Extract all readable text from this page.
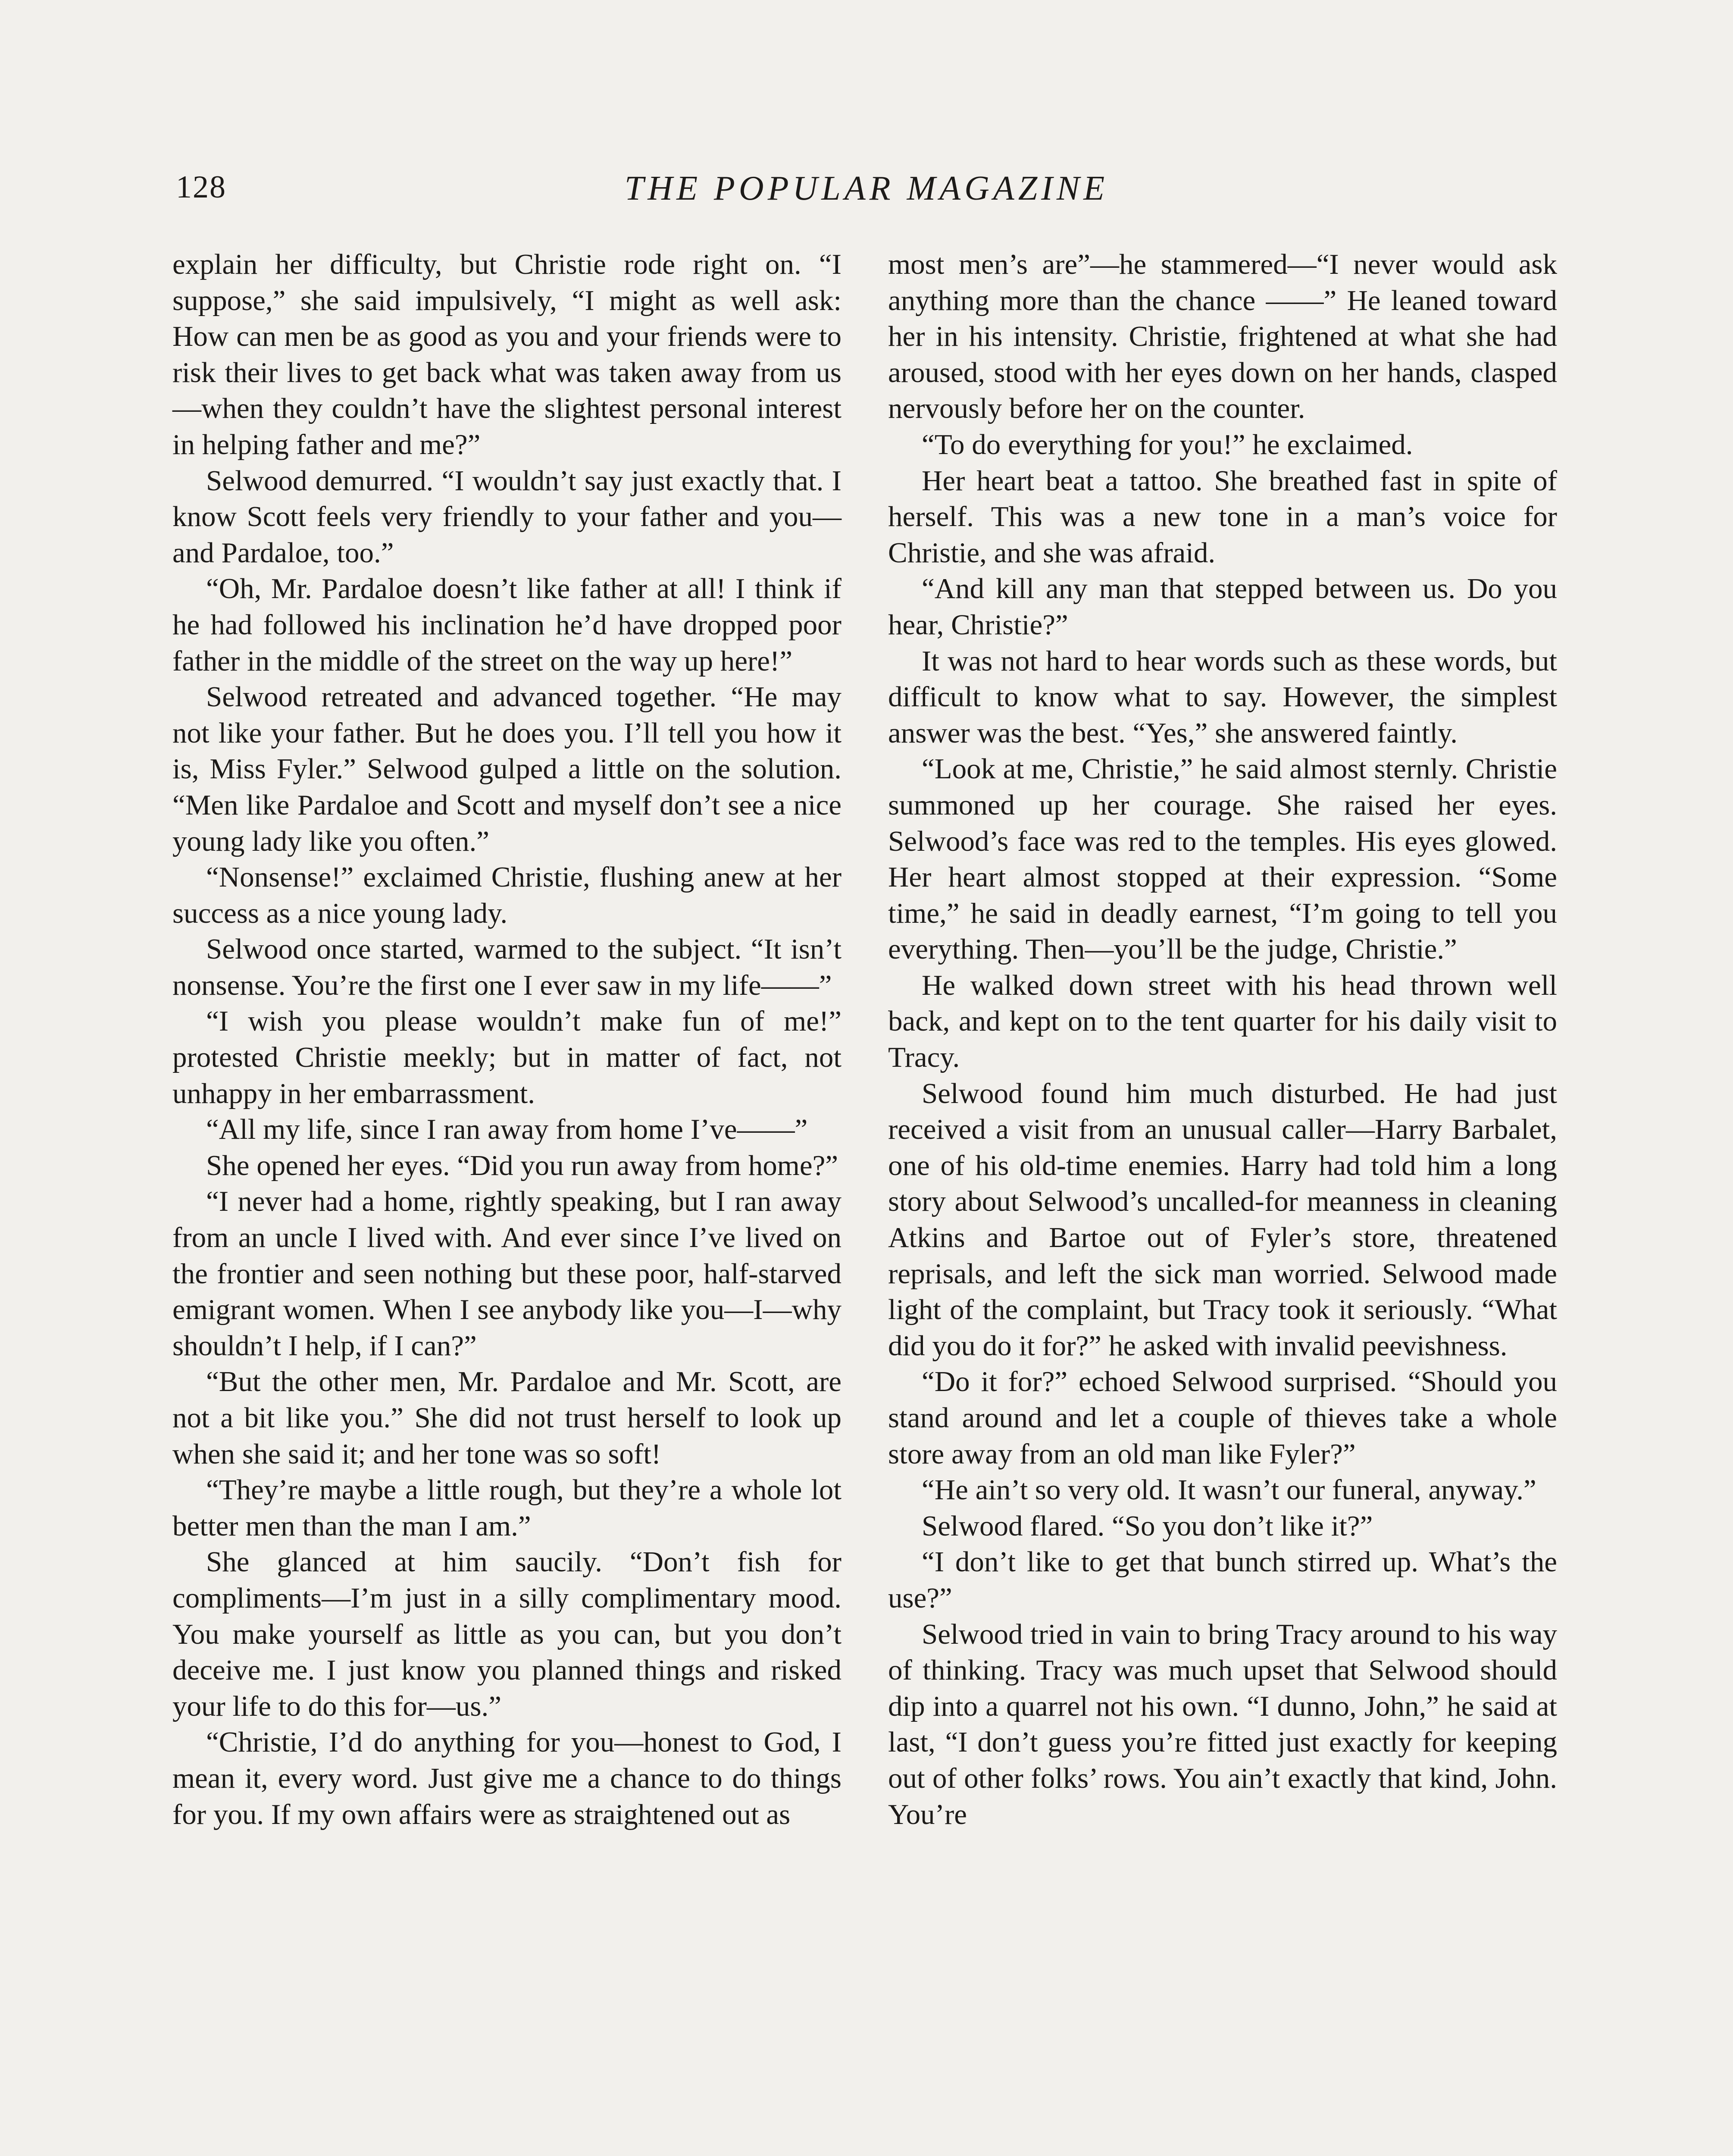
128	THE POPULAR MAGAZINE

explain her difficulty, but Christie rode right on. “I suppose,” she said impulsively, “I might as well ask: How can men be as good as you and your friends were to risk their lives to get back what was taken away from us—when they couldn’t have the slightest personal interest in helping father and me?”

Selwood demurred. “I wouldn’t say just exactly that. I know Scott feels very friendly to your father and you—and Pardaloe, too.”

“Oh, Mr. Pardaloe doesn’t like father at all! I think if he had followed his inclination he’d have dropped poor father in the middle of the street on the way up here!”

Selwood retreated and advanced together. “He may not like your father. But he does you. I’ll tell you how it is, Miss Fyler.” Selwood gulped a little on the solution. “Men like Pardaloe and Scott and myself don’t see a nice young lady like you often.”

“Nonsense!” exclaimed Christie, flushing anew at her success as a nice young lady.

Selwood once started, warmed to the subject. “It isn’t nonsense. You’re the first one I ever saw in my life——”

“I wish you please wouldn’t make fun of me!” protested Christie meekly; but in matter of fact, not unhappy in her embarrassment.

“All my life, since I ran away from home I’ve——”

She opened her eyes. “Did you run away from home?”

“I never had a home, rightly speaking, but I ran away from an uncle I lived with. And ever since I’ve lived on the frontier and seen nothing but these poor, half-starved emigrant women. When I see anybody like you—I—why shouldn’t I help, if I can?”

“But the other men, Mr. Pardaloe and Mr. Scott, are not a bit like you.” She did not trust herself to look up when she said it; and her tone was so soft!

“They’re maybe a little rough, but they’re a whole lot better men than the man I am.”

She glanced at him saucily. “Don’t fish for compliments—I’m just in a silly complimentary mood. You make yourself as little as you can, but you don’t deceive me. I just know you planned things and risked your life to do this for—us.”

“Christie, I’d do anything for you—honest to God, I mean it, every word. Just give me a chance to do things for you. If my own affairs were as straightened out as

most men’s are”—he stammered—“I never would ask anything more than the chance ——” He leaned toward her in his intensity. Christie, frightened at what she had aroused, stood with her eyes down on her hands, clasped nervously before her on the counter.

“To do everything for you!” he exclaimed.

Her heart beat a tattoo. She breathed fast in spite of herself. This was a new tone in a man’s voice for Christie, and she was afraid.

“And kill any man that stepped between us. Do you hear, Christie?”

It was not hard to hear words such as these words, but difficult to know what to say. However, the simplest answer was the best. “Yes,” she answered faintly.

“Look at me, Christie,” he said almost sternly. Christie summoned up her courage. She raised her eyes. Selwood’s face was red to the temples. His eyes glowed. Her heart almost stopped at their expression. “Some time,” he said in deadly earnest, “I’m going to tell you everything. Then—you’ll be the judge, Christie.”

He walked down street with his head thrown well back, and kept on to the tent quarter for his daily visit to Tracy.

Selwood found him much disturbed. He had just received a visit from an unusual caller—Harry Barbalet, one of his old-time enemies. Harry had told him a long story about Selwood’s uncalled-for meanness in cleaning Atkins and Bartoe out of Fyler’s store, threatened reprisals, and left the sick man worried. Selwood made light of the complaint, but Tracy took it seriously. “What did you do it for?” he asked with invalid peevishness.

“Do it for?” echoed Selwood surprised. “Should you stand around and let a couple of thieves take a whole store away from an old man like Fyler?”

“He ain’t so very old. It wasn’t our funeral, anyway.”

Selwood flared. “So you don’t like it?”

“I don’t like to get that bunch stirred up. What’s the use?”

Selwood tried in vain to bring Tracy around to his way of thinking. Tracy was much upset that Selwood should dip into a quarrel not his own. “I dunno, John,” he said at last, “I don’t guess you’re fitted just exactly for keeping out of other folks’ rows. You ain’t exactly that kind, John. You’re
